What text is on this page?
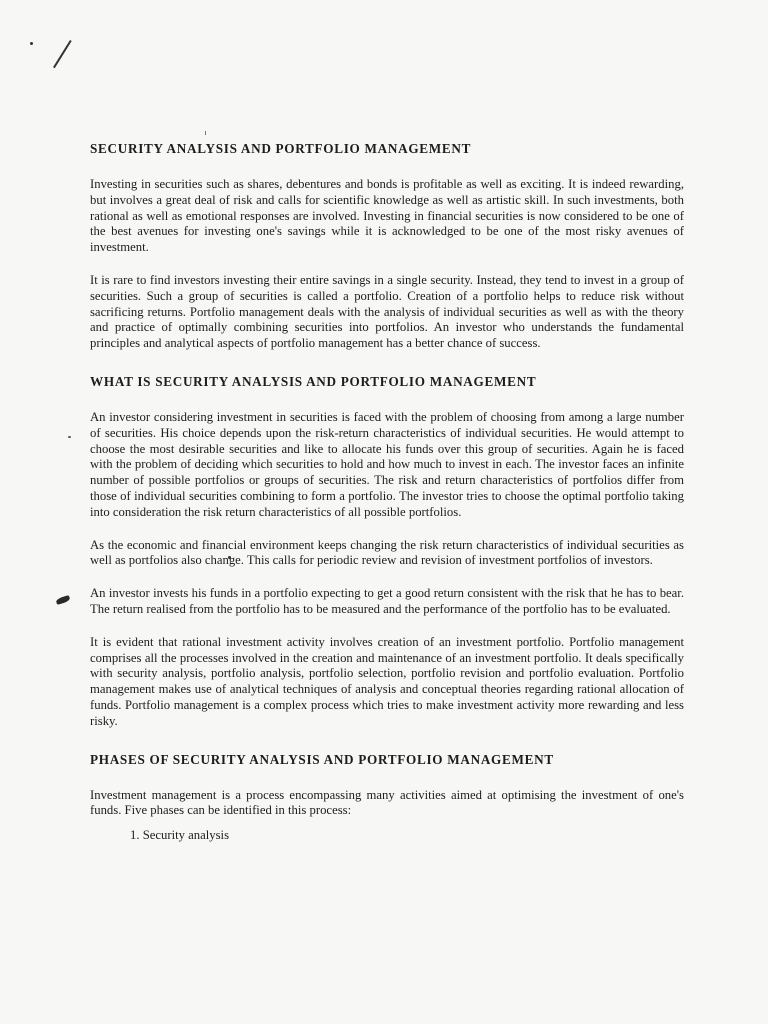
SECURITY ANALYSIS AND PORTFOLIO MANAGEMENT

Investing in securities such as shares, debentures and bonds is profitable as well as exciting. It is indeed rewarding, but involves a great deal of risk and calls for scientific knowledge as well as artistic skill. In such investments, both rational as well as emotional responses are involved. Investing in financial securities is now considered to be one of the best avenues for investing one's savings while it is acknowledged to be one of the most risky avenues of investment.

It is rare to find investors investing their entire savings in a single security. Instead, they tend to invest in a group of securities. Such a group of securities is called a portfolio. Creation of a portfolio helps to reduce risk without sacrificing returns. Portfolio management deals with the analysis of individual securities as well as with the theory and practice of optimally combining securities into portfolios. An investor who understands the fundamental principles and analytical aspects of portfolio management has a better chance of success.

WHAT IS SECURITY ANALYSIS AND PORTFOLIO MANAGEMENT

An investor considering investment in securities is faced with the problem of choosing from among a large number of securities. His choice depends upon the risk-return characteristics of individual securities. He would attempt to choose the most desirable securities and like to allocate his funds over this group of securities. Again he is faced with the problem of deciding which securities to hold and how much to invest in each. The investor faces an infinite number of possible portfolios or groups of securities. The risk and return characteristics of portfolios differ from those of individual securities combining to form a portfolio. The investor tries to choose the optimal portfolio taking into consideration the risk return characteristics of all possible portfolios.

As the economic and financial environment keeps changing the risk return characteristics of individual securities as well as portfolios also change. This calls for periodic review and revision of investment portfolios of investors.

An investor invests his funds in a portfolio expecting to get a good return consistent with the risk that he has to bear. The return realised from the portfolio has to be measured and the performance of the portfolio has to be evaluated.

It is evident that rational investment activity involves creation of an investment portfolio. Portfolio management comprises all the processes involved in the creation and maintenance of an investment portfolio. It deals specifically with security analysis, portfolio analysis, portfolio selection, portfolio revision and portfolio evaluation. Portfolio management makes use of analytical techniques of analysis and conceptual theories regarding rational allocation of funds. Portfolio management is a complex process which tries to make investment activity more rewarding and less risky.

PHASES OF SECURITY ANALYSIS AND PORTFOLIO MANAGEMENT

Investment management is a process encompassing many activities aimed at optimising the investment of one's funds. Five phases can be identified in this process:

1. Security analysis
